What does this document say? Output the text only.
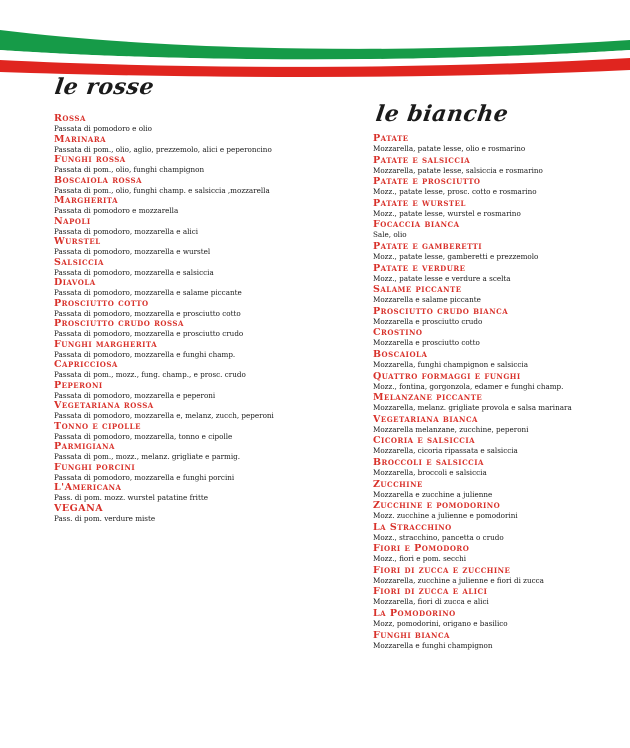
le rosse
Rossa
Passata di pomodoro e olio
Marinara
Passata di pom., olio, aglio, prezzemolo, alici e peperoncino
Funghi rossa
Passata di pom., olio, funghi champignon
Boscaiola rossa
Passata di pom., olio, funghi champ. e salsiccia ,mozzarella
Margherita
Passata di pomodoro e mozzarella
Napoli
Passata di pomodoro, mozzarella e alici
Wurstel
Passata di pomodoro, mozzarella e wurstel
Salsiccia
Passata di pomodoro, mozzarella e salsiccia
Diavola
Passata di pomodoro, mozzarella e salame piccante
Prosciutto cotto
Passata di pomodoro, mozzarella e prosciutto cotto
Prosciutto crudo rossa
Passata di pomodoro, mozzarella e prosciutto crudo
Funghi margherita
Passata di pomodoro, mozzarella e funghi champ.
Capricciosa
Passata di pom., mozz., fung. champ., e prosc. crudo
Peperoni
Passata di pomodoro, mozzarella e peperoni
Vegetariana rossa
Passata di pomodoro, mozzarella e, melanz, zucch, peperoni
Tonno e cipolle
Passata di pomodoro, mozzarella, tonno e cipolle
Parmigiana
Passata di pom., mozz., melanz. grigliate e parmig.
Funghi porcini
Passata di pomodoro, mozzarella e funghi porcini
L'Americana
Pass. di pom. mozz. wurstel patatine fritte
VEGANA
Pass. di pom. verdure miste
le bianche
Patate
Mozzarella, patate lesse, olio e rosmarino
Patate e salsiccia
Mozzarella, patate lesse, salsiccia e rosmarino
Patate e prosciutto
Mozz., patate lesse, prosc. cotto e rosmarino
Patate e wurstel
Mozz., patate lesse, wurstel e rosmarino
Focaccia bianca
Sale, olio
Patate e gamberetti
Mozz., patate lesse, gamberetti e prezzemolo
Patate e verdure
Mozz., patate lesse e verdure a scelta
Salame piccante
Mozzarella e salame piccante
Prosciutto crudo bianca
Mozzarella e prosciutto crudo
Crostino
Mozzarella e prosciutto cotto
Boscaiola
Mozzarella, funghi champignon e salsiccia
Quattro formaggi e funghi
Mozz., fontina, gorgonzola, edamer e funghi champ.
Melanzane piccante
Mozzarella, melanz. grigliate provola e salsa marinara
Vegetariana bianca
Mozzarella melanzane, zucchine, peperoni
Cicoria e salsiccia
Mozzarella, cicoria ripassata e salsiccia
Broccoli e salsiccia
Mozzarella, broccoli e salsiccia
Zucchine
Mozzarella e zucchine a julienne
Zucchine e pomodorino
Mozz. zucchine a julienne e pomodorini
La Stracchino
Mozz., stracchino, pancetta o crudo
Fiori e Pomodoro
Mozz., fiori e pom. secchi
Fiori di zucca e zucchine
Mozzarella, zucchine a julienne e fiori di zucca
Fiori di zucca e alici
Mozzarella, fiori di zucca e alici
La Pomodorino
Mozz, pomodorini, origano e basilico
Funghi bianca
Mozzarella e funghi champignon
